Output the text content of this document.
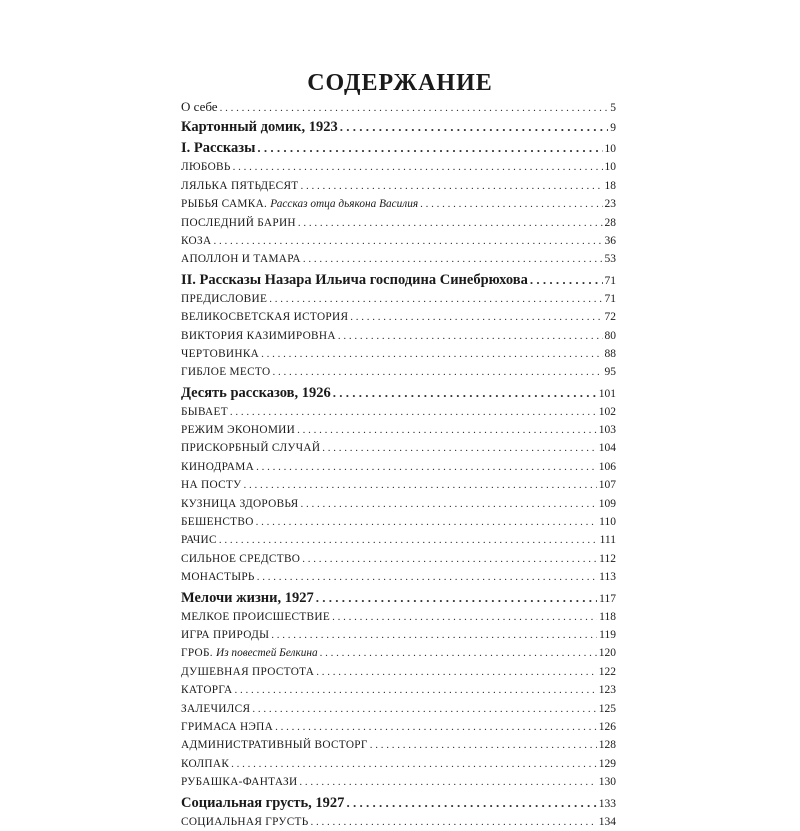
СОДЕРЖАНИЕ
О себе . . .	5
Картонный домик, 1923 . . .	9
I. Рассказы . . .	10
ЛЮБОВЬ . . .	10
ЛЯЛЬКА ПЯТЬДЕСЯТ . . .	18
РЫБЬЯ САМКА. Рассказ отца дьякона Василия . . .	23
ПОСЛЕДНИЙ БАРИН . . .	28
КОЗА . . .	36
АПОЛЛОН И ТАМАРА . . .	53
II. Рассказы Назара Ильича господина Синебрюхова . . .	71
ПРЕДИСЛОВИЕ . . .	71
ВЕЛИКОСВЕТСКАЯ ИСТОРИЯ . . .	72
ВИКТОРИЯ КАЗИМИРОВНА . . .	80
ЧЕРТОВИНКА . . .	88
ГИБЛОЕ МЕСТО . . .	95
Десять рассказов, 1926 . . .	101
БЫВАЕТ . . .	102
РЕЖИМ ЭКОНОМИИ . . .	103
ПРИСКОРБНЫЙ СЛУЧАЙ . . .	104
КИНОДРАМА . . .	106
НА ПОСТУ . . .	107
КУЗНИЦА ЗДОРОВЬЯ . . .	109
БЕШЕНСТВО . . .	110
РАЧИС . . .	111
СИЛЬНОЕ СРЕДСТВО . . .	112
МОНАСТЫРЬ . . .	113
Мелочи жизни, 1927 . . .	117
МЕЛКОЕ ПРОИСШЕСТВИЕ . . .	118
ИГРА ПРИРОДЫ . . .	119
ГРОБ. Из повестей Белкина . . .	120
ДУШЕВНАЯ ПРОСТОТА . . .	122
КАТОРГА . . .	123
ЗАЛЕЧИЛСЯ . . .	125
ГРИМАСА НЭПА . . .	126
АДМИНИСТРАТИВНЫЙ ВОСТОРГ . . .	128
КОЛПАК . . .	129
РУБАШКА-ФАНТАЗИ . . .	130
Социальная грусть, 1927 . . .	133
СОЦИАЛЬНАЯ ГРУСТЬ . . .	134
